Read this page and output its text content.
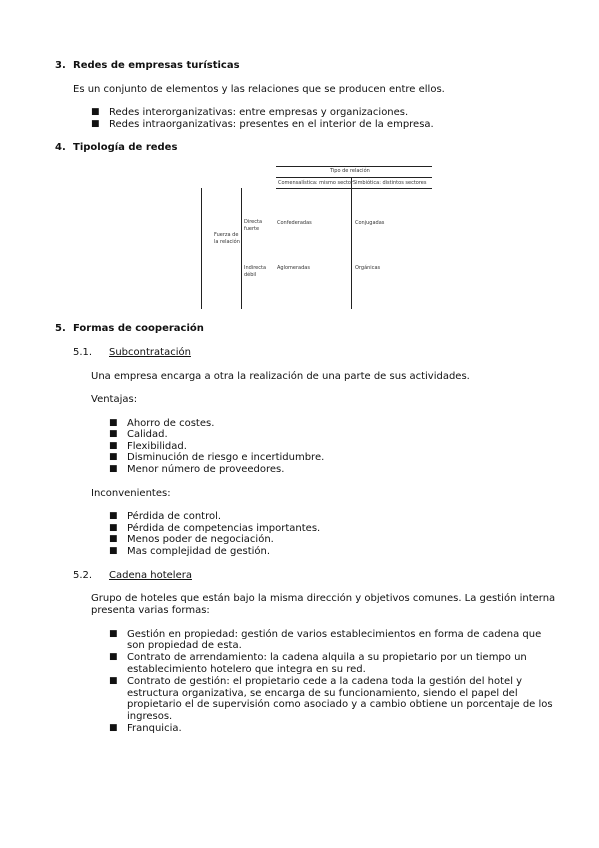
3. Redes de empresas turísticas
Es un conjunto de elementos y las relaciones que se producen entre ellos.
■ Redes interorganizativas: entre empresas y organizaciones.
■ Redes intraorganizativas: presentes en el interior de la empresa.
4. Tipología de redes
Tipo de relación
Comensalística: mismo sector Simbiótica: distintos sectores
Fuerza de la relación
Directa fuerte
Indirecta débil
Confederadas	Conjugadas
Aglomeradas	Orgánicas
5. Formas de cooperación
5.1. Subcontratación
Una empresa encarga a otra la realización de una parte de sus actividades.
Ventajas:
■ Ahorro de costes.
■ Calidad.
■ Flexibilidad.
■ Disminución de riesgo e incertidumbre.
■ Menor número de proveedores.
Inconvenientes:
■ Pérdida de control.
■ Pérdida de competencias importantes.
■ Menos poder de negociación.
■ Mas complejidad de gestión.
5.2. Cadena hotelera
Grupo de hoteles que están bajo la misma dirección y objetivos comunes. La gestión interna
presenta varias formas:
■ Gestión en propiedad: gestión de varios establecimientos en forma de cadena que
son propiedad de esta.
■ Contrato de arrendamiento: la cadena alquila a su propietario por un tiempo un
establecimiento hotelero que integra en su red.
■ Contrato de gestión: el propietario cede a la cadena toda la gestión del hotel y
estructura organizativa, se encarga de su funcionamiento, siendo el papel del
propietario el de supervisión como asociado y a cambio obtiene un porcentaje de los
ingresos.
■ Franquicia.
